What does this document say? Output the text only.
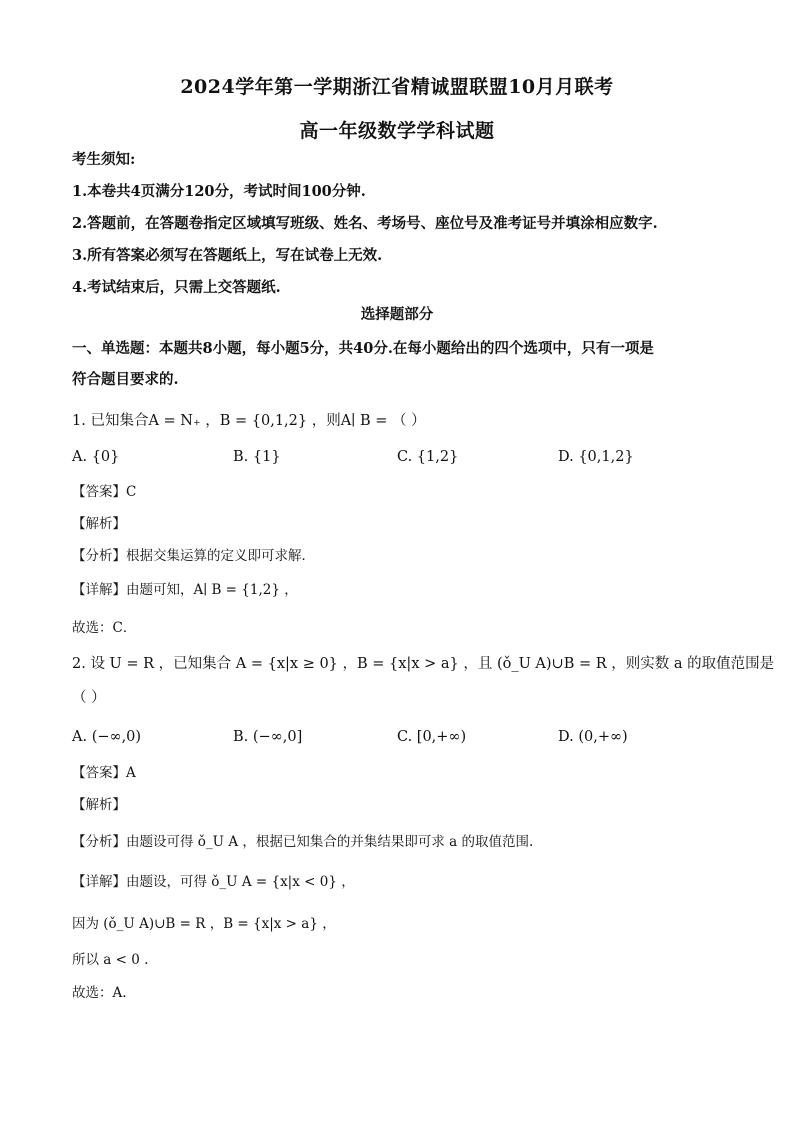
2024学年第一学期浙江省精诚盟联盟10月月联考
高一年级数学学科试题
考生须知:
1.本卷共4页满分120分，考试时间100分钟.
2.答题前，在答题卷指定区域填写班级、姓名、考场号、座位号及准考证号并填涂相应数字.
3.所有答案必须写在答题纸上，写在试卷上无效.
4.考试结束后，只需上交答题纸.
选择题部分
一、单选题：本题共8小题，每小题5分，共40分.在每小题给出的四个选项中，只有一项是
符合题目要求的.
1. 已知集合A = N₊ ，B = {0,1,2} ，则A∣ B = （ ）
A. {0}	B. {1}	C. {1,2}	D. {0,1,2}
【答案】C
【解析】
【分析】根据交集运算的定义即可求解．
【详解】由题可知，A∣ B = {1,2} ，
故选：C．
2. 设 U = R ，已知集合 A = {x|x ≥ 0} ，B = {x|x > a} ，且 (ǒ_U A)∪B = R ，则实数 a 的取值范围是
（ ）
A. (−∞,0)	B. (−∞,0]	C. [0,+∞)	D. (0,+∞)
【答案】A
【解析】
【分析】由题设可得 ǒ_U A ，根据已知集合的并集结果即可求 a 的取值范围.
【详解】由题设，可得 ǒ_U A = {x|x < 0} ，
因为 (ǒ_U A)∪B = R ，B = {x|x > a} ，
所以 a < 0 .
故选：A.
